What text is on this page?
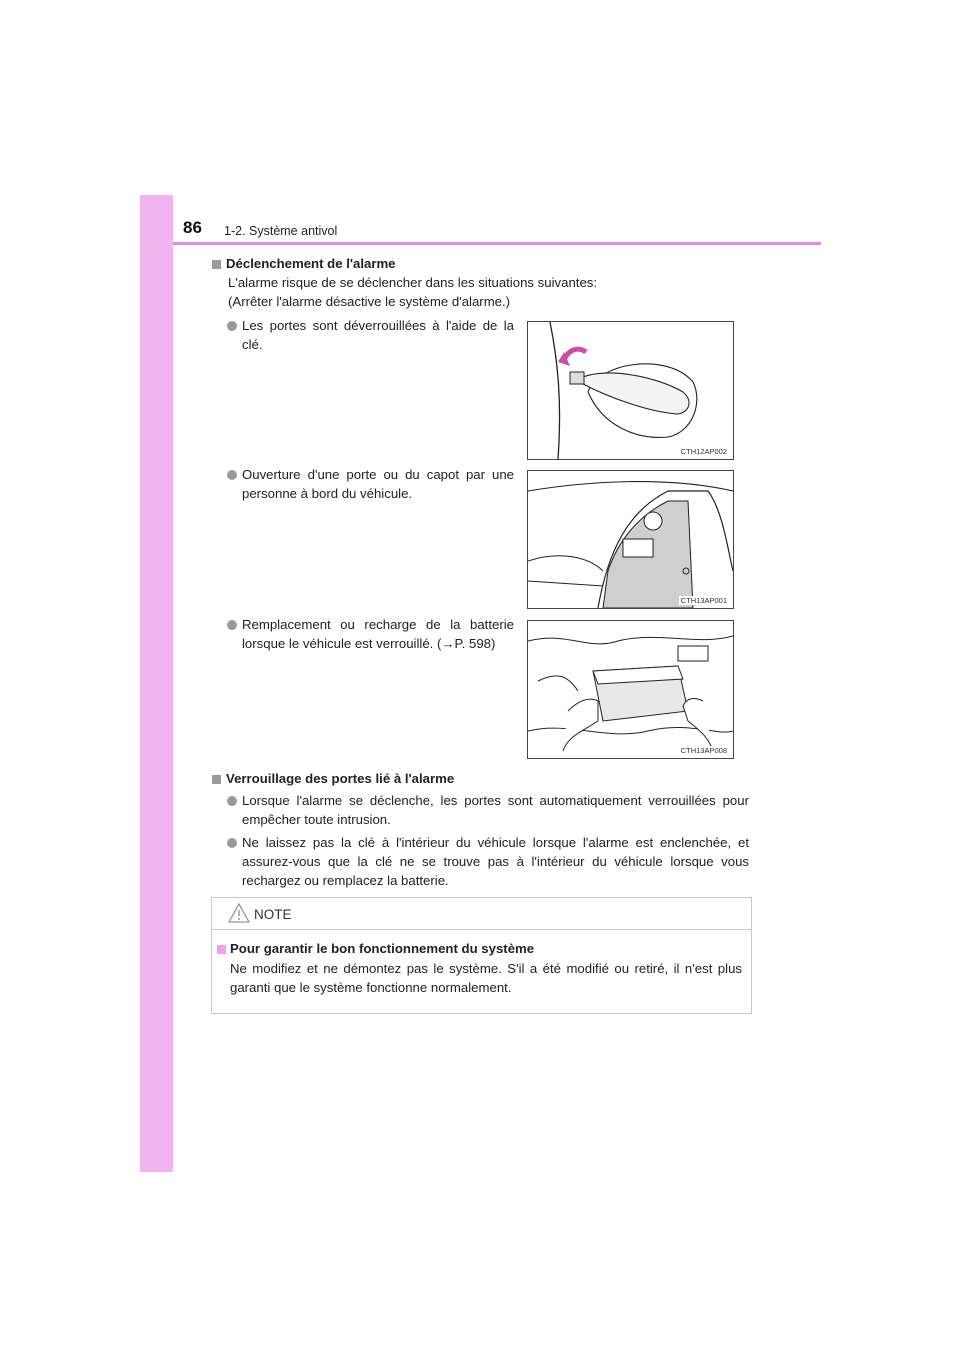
86 1-2. Système antivol
Déclenchement de l'alarme
L'alarme risque de se déclencher dans les situations suivantes:
(Arrêter l'alarme désactive le système d'alarme.)
Les portes sont déverrouillées à l'aide de la clé.
CTH12AP002
Ouverture d'une porte ou du capot par une personne à bord du véhicule.
CTH13AP001
Remplacement ou recharge de la batterie lorsque le véhicule est verrouillé. (→P. 598)
CTH13AP008
Verrouillage des portes lié à l'alarme
Lorsque l'alarme se déclenche, les portes sont automatiquement verrouillées pour empêcher toute intrusion.
Ne laissez pas la clé à l'intérieur du véhicule lorsque l'alarme est enclenchée, et assurez-vous que la clé ne se trouve pas à l'intérieur du véhicule lorsque vous rechargez ou remplacez la batterie.
NOTE
Pour garantir le bon fonctionnement du système
Ne modifiez et ne démontez pas le système. S'il a été modifié ou retiré, il n'est plus garanti que le système fonctionne normalement.
